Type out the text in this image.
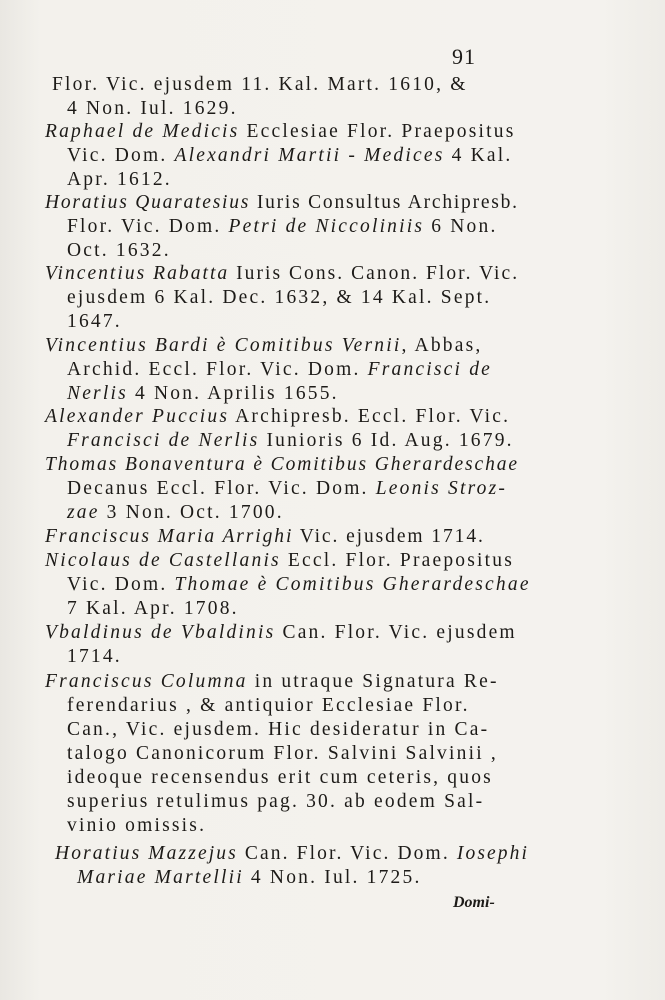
91
Flor. Vic. ejusdem 11. Kal. Mart. 1610, &
4 Non. Iul. 1629.
Raphael de Medicis Ecclesiae Flor. Praepositus
Vic. Dom. Alexandri Martii - Medices 4 Kal.
Apr. 1612.
Horatius Quaratesius Iuris Consultus Archipresb.
Flor. Vic. Dom. Petri de Niccoliniis 6 Non.
Oct. 1632.
Vincentius Rabatta Iuris Cons. Canon. Flor. Vic.
ejusdem 6 Kal. Dec. 1632, & 14 Kal. Sept.
1647.
Vincentius Bardi è Comitibus Vernii, Abbas,
Archid. Eccl. Flor. Vic. Dom. Francisci de
Nerlis 4 Non. Aprilis 1655.
Alexander Puccius Archipresb. Eccl. Flor. Vic.
Francisci de Nerlis Iunioris 6 Id. Aug. 1679.
Thomas Bonaventura è Comitibus Gherardeschae
Decanus Eccl. Flor. Vic. Dom. Leonis Stroz-
zae 3 Non. Oct. 1700.
Franciscus Maria Arrighi Vic. ejusdem 1714.
Nicolaus de Castellanis Eccl. Flor. Praepositus
Vic. Dom. Thomae è Comitibus Gherardeschae
7 Kal. Apr. 1708.
Vbaldinus de Vbaldinis Can. Flor. Vic. ejusdem
1714.
Franciscus Columna in utraque Signatura Re-
ferendarius , & antiquior Ecclesiae Flor.
Can., Vic. ejusdem. Hic desideratur in Ca-
talogo Canonicorum Flor. Salvini Salvinii ,
ideoque recensendus erit cum ceteris, quos
superius retulimus pag. 30. ab eodem Sal-
vinio omissis.
Horatius Mazzejus Can. Flor. Vic. Dom. Iosephi
Mariae Martellii 4 Non. Iul. 1725.
Domi-
